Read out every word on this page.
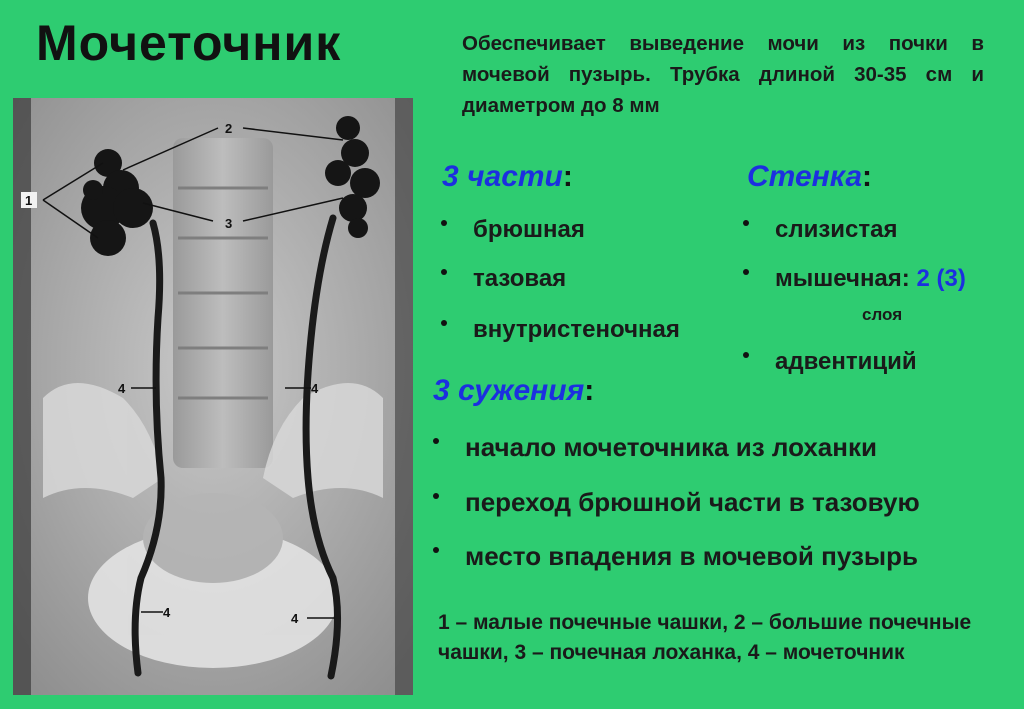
Мочеточник	Обеспечивает выведение мочи из почки в мочевой пузырь. Трубка длиной 30-35 см и диаметром до 8 мм
1
2
3
4	4
4	4
3 части:
брюшная
тазовая
внутристеночная
Стенка:
слизистая
мышечная: 2 (3)
слоя
адвентиций
3 сужения:
начало мочеточника из лоханки
переход брюшной части в тазовую
место впадения в мочевой пузырь
1 – малые почечные чашки, 2 – большие почечные чашки, 3 – почечная лоханка, 4 – мочеточник
